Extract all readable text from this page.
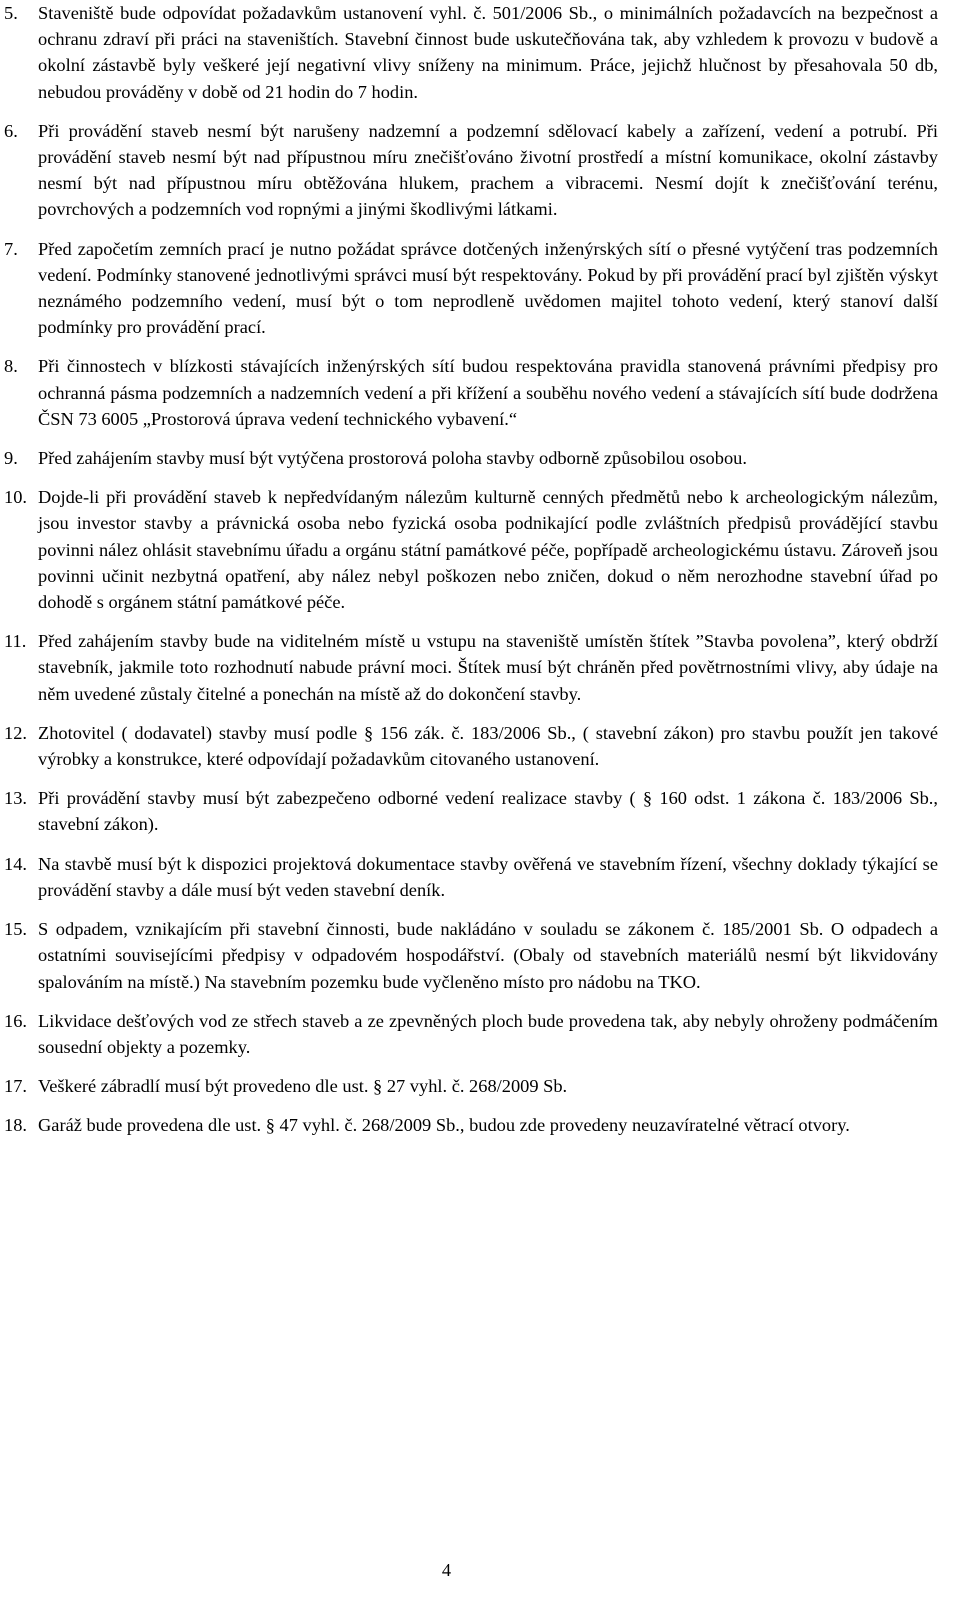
5. Staveniště bude odpovídat požadavkům ustanovení vyhl. č. 501/2006 Sb., o minimálních požadavcích na bezpečnost a ochranu zdraví při práci na staveništích. Stavební činnost bude uskutečňována tak, aby vzhledem k provozu v budově a okolní zástavbě byly veškeré její negativní vlivy sníženy na minimum. Práce, jejichž hlučnost by přesahovala 50 db, nebudou prováděny v době od 21 hodin do 7 hodin.
6. Při provádění staveb nesmí být narušeny nadzemní a podzemní sdělovací kabely a zařízení, vedení a potrubí. Při provádění staveb nesmí být nad přípustnou míru znečišťováno životní prostředí a místní komunikace, okolní zástavby nesmí být nad přípustnou míru obtěžována hlukem, prachem a vibracemi. Nesmí dojít k znečišťování terénu, povrchových a podzemních vod ropnými a jinými škodlivými látkami.
7. Před započetím zemních prací je nutno požádat správce dotčených inženýrských sítí o přesné vytýčení tras podzemních vedení. Podmínky stanovené jednotlivými správci musí být respektovány. Pokud by při provádění prací byl zjištěn výskyt neznámého podzemního vedení, musí být o tom neprodleně uvědomen majitel tohoto vedení, který stanoví další podmínky pro provádění prací.
8. Při činnostech v blízkosti stávajících inženýrských sítí budou respektována pravidla stanovená právními předpisy pro ochranná pásma podzemních a nadzemních vedení a při křížení a souběhu nového vedení a stávajících sítí bude dodržena ČSN 73 6005 „Prostorová úprava vedení technického vybavení.“
9. Před zahájením stavby musí být vytýčena prostorová poloha stavby odborně způsobilou osobou.
10. Dojde-li při provádění staveb k nepředvídaným nálezům kulturně cenných předmětů nebo k archeologickým nálezům, jsou investor stavby a právnická osoba nebo fyzická osoba podnikající podle zvláštních předpisů provádějící stavbu povinni nález ohlásit stavebnímu úřadu a orgánu státní památkové péče, popřípadě archeologickému ústavu. Zároveň jsou povinni učinit nezbytná opatření, aby nález nebyl poškozen nebo zničen, dokud o něm nerozhodne stavební úřad po dohodě s orgánem státní památkové péče.
11. Před zahájením stavby bude na viditelném místě u vstupu na staveniště umístěn štítek ”Stavba povolena”, který obdrží stavebník, jakmile toto rozhodnutí nabude právní moci. Štítek musí být chráněn před povětrnostními vlivy, aby údaje na něm uvedené zůstaly čitelné a ponechán na místě až do dokončení stavby.
12. Zhotovitel ( dodavatel) stavby musí podle § 156 zák. č. 183/2006 Sb., ( stavební zákon) pro stavbu použít jen takové výrobky a konstrukce, které odpovídají požadavkům citovaného ustanovení.
13. Při provádění stavby musí být zabezpečeno odborné vedení realizace stavby ( § 160 odst. 1 zákona č. 183/2006 Sb., stavební zákon).
14. Na stavbě musí být k dispozici projektová dokumentace stavby ověřená ve stavebním řízení, všechny doklady týkající se provádění stavby a dále musí být veden stavební deník.
15. S odpadem, vznikajícím při stavební činnosti, bude nakládáno v souladu se zákonem č. 185/2001 Sb. O odpadech a ostatními souvisejícími předpisy v odpadovém hospodářství. (Obaly od stavebních materiálů nesmí být likvidovány spalováním na místě.) Na stavebním pozemku bude vyčleněno místo pro nádobu na TKO.
16. Likvidace dešťových vod ze střech staveb a ze zpevněných ploch bude provedena tak, aby nebyly ohroženy podmáčením sousední objekty a pozemky.
17. Veškeré zábradlí musí být provedeno dle ust. § 27 vyhl. č. 268/2009 Sb.
18. Garáž bude provedena dle ust. § 47 vyhl. č. 268/2009 Sb., budou zde provedeny neuzavíratelné větrací otvory.
4
